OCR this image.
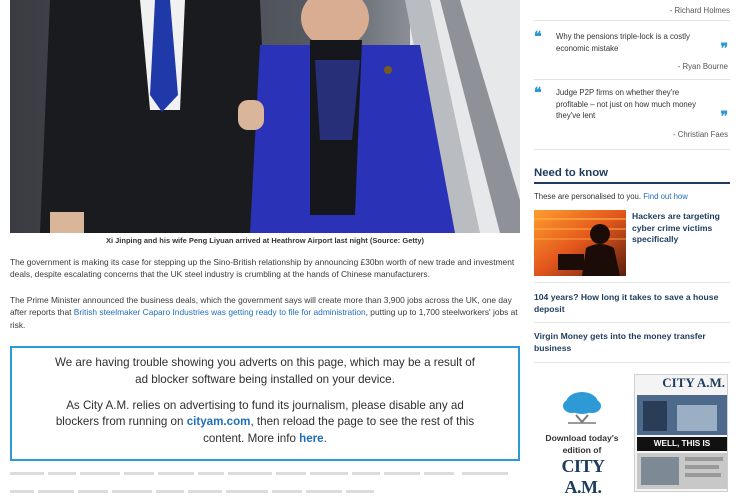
Xi Jinping and his wife Peng Liyuan arrived at Heathrow Airport last night (Source: Getty)

The government is making its case for stepping up the Sino-British relationship by announcing £30bn worth of new trade and investment deals, despite escalating concerns that the UK steel industry is crumbling at the hands of Chinese manufacturers.

The Prime Minister announced the business deals, which the government says will create more than 3,900 jobs across the UK, one day after reports that British steelmaker Caparo Industries was getting ready to file for administration, putting up to 1,700 steelworkers' jobs at risk.

We are having trouble showing you adverts on this page, which may be a result of
ad blocker software being installed on your device.
As City A.M. relies on advertising to fund its journalism, please disable any ad
blockers from running on cityam.com, then reload the page to see the rest of this
content. More info here.

- Richard Holmes
❝ Why the pensions triple-lock is a costly economic mistake	❞
- Ryan Bourne
❝ Judge P2P firms on whether they're profitable – not just on how much money they've lent	❞
- Christian Faes
Need to know
These are personalised to you. Find out how
Hackers are targeting cyber crime victims specifically
104 years? How long it takes to save a house deposit
Virgin Money gets into the money transfer business
Download today's edition of
CITY A.M.
CITY A.M.
WELL, THIS IS
